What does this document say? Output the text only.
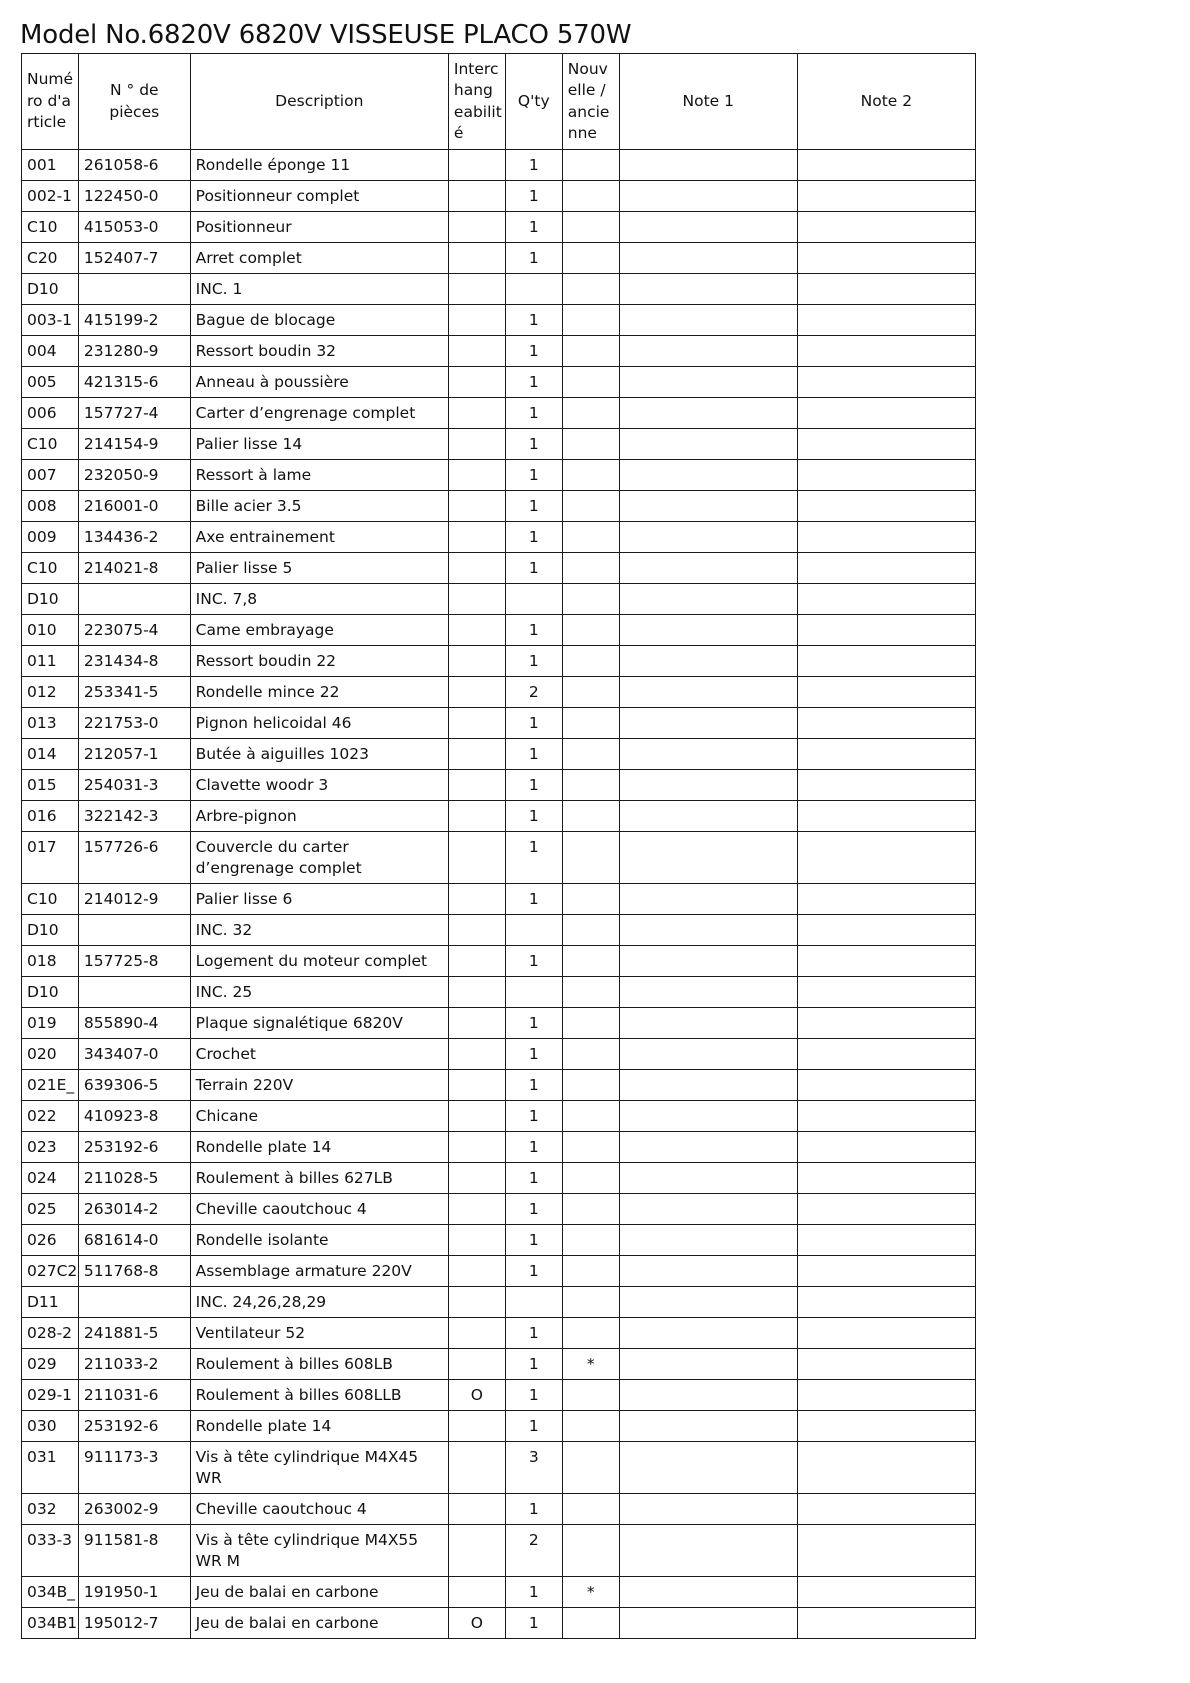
Model No.6820V 6820V VISSEUSE PLACO 570W
Numé ro d'a rticle	N ° de pièces	Description	Interc hang eabilit é	Q'ty	Nouv elle / ancie nne	Note 1	Note 2
001	261058-6	Rondelle éponge 11		1			
002-1	122450-0	Positionneur complet		1			
C10	415053-0	Positionneur		1			
C20	152407-7	Arret complet		1			
D10		INC. 1					
003-1	415199-2	Bague de blocage		1			
004	231280-9	Ressort boudin 32		1			
005	421315-6	Anneau à poussière		1			
006	157727-4	Carter d’engrenage complet		1			
C10	214154-9	Palier lisse 14		1			
007	232050-9	Ressort à lame		1			
008	216001-0	Bille acier 3.5		1			
009	134436-2	Axe entrainement		1			
C10	214021-8	Palier lisse 5		1			
D10		INC. 7,8					
010	223075-4	Came embrayage		1			
011	231434-8	Ressort boudin 22		1			
012	253341-5	Rondelle mince 22		2			
013	221753-0	Pignon helicoidal 46		1			
014	212057-1	Butée à aiguilles 1023		1			
015	254031-3	Clavette woodr 3		1			
016	322142-3	Arbre-pignon		1			
017	157726-6	Couvercle du carter d’engrenage complet		1			
C10	214012-9	Palier lisse 6		1			
D10		INC. 32					
018	157725-8	Logement du moteur complet		1			
D10		INC. 25					
019	855890-4	Plaque signalétique 6820V		1			
020	343407-0	Crochet		1			
021E_	639306-5	Terrain 220V		1			
022	410923-8	Chicane		1			
023	253192-6	Rondelle plate 14		1			
024	211028-5	Roulement à billes 627LB		1			
025	263014-2	Cheville caoutchouc 4		1			
026	681614-0	Rondelle isolante		1			
027C2	511768-8	Assemblage armature 220V		1			
D11		INC. 24,26,28,29					
028-2	241881-5	Ventilateur 52		1			
029	211033-2	Roulement à billes 608LB		1	*		
029-1	211031-6	Roulement à billes 608LLB	O	1			
030	253192-6	Rondelle plate 14		1			
031	911173-3	Vis à tête cylindrique M4X45 WR		3			
032	263002-9	Cheville caoutchouc 4		1			
033-3	911581-8	Vis à tête cylindrique M4X55 WR M		2			
034B_	191950-1	Jeu de balai en carbone		1	*		
034B1	195012-7	Jeu de balai en carbone	O	1			
